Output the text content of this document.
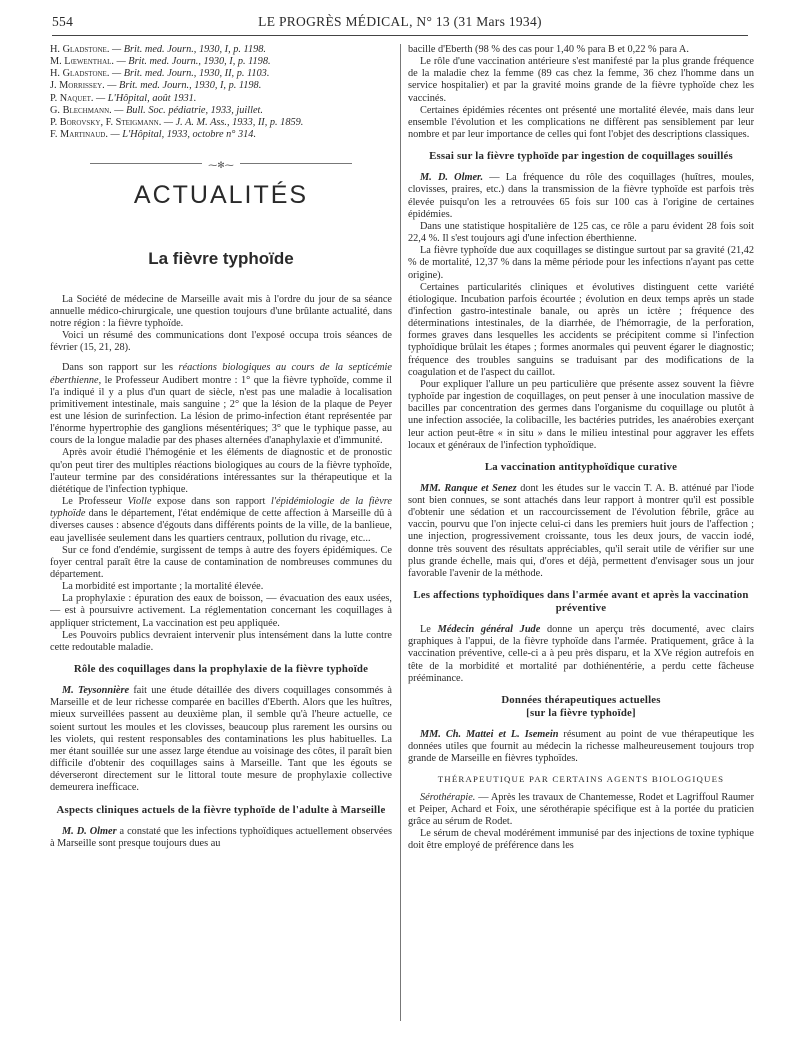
554	LE PROGRÈS MÉDICAL, N° 13 (31 Mars 1934)

H. Gladstone. — Brit. med. Journ., 1930, I, p. 1198.

M. Lœwenthal. — Brit. med. Journ., 1930, I, p. 1198.

H. Gladstone. — Brit. med. Journ., 1930, II, p. 1103.

J. Morrissey. — Brit. med. Journ., 1930, I, p. 1198.

P. Naquet. — L'Hôpital, août 1931.

G. Blechmann. — Bull. Soc. pédiatrie, 1933, juillet.

P. Borovsky, F. Steigmann. — J. A. M. Ass., 1933, II, p. 1859.

F. Martinaud. — L'Hôpital, 1933, octobre n° 314.

⁓✻⁓
ACTUALITÉS
La fièvre typhoïde

La Société de médecine de Marseille avait mis à l'ordre du jour de sa séance annuelle médico-chirurgicale, une question toujours d'une brûlante actualité, dans notre région : la fièvre typhoïde.

Voici un résumé des communications dont l'exposé occupa trois séances de février (15, 21, 28).

Dans son rapport sur les réactions biologiques au cours de la septicémie éberthienne, le Professeur Audibert montre : 1° que la fièvre typhoïde, comme il l'a indiqué il y a plus d'un quart de siècle, n'est pas une maladie à localisation primitivement intestinale, mais sanguine ; 2° que la lésion de la plaque de Peyer est une lésion de surinfection. La lésion de primo-infection étant représentée par l'énorme hypertrophie des ganglions mésentériques; 3° que le typhique passe, au cours de la longue maladie par des phases alternées d'anaphylaxie et d'immunité.

Après avoir étudié l'hémogénie et les éléments de diagnostic et de pronostic qu'on peut tirer des multiples réactions biologiques au cours de la fièvre typhoïde, l'auteur termine par des considérations intéressantes sur la thérapeutique et la diététique de l'infection typhique.

Le Professeur Violle expose dans son rapport l'épidémiologie de la fièvre typhoïde dans le département, l'état endémique de cette affection à Marseille dû à diverses causes : absence d'égouts dans différents points de la ville, de la banlieue, eau javellisée seulement dans les quartiers centraux, pollution du rivage, etc...

Sur ce fond d'endémie, surgissent de temps à autre des foyers épidémiques. Ce foyer central paraît être la cause de contamination de nombreuses communes du département.

La morbidité est importante ; la mortalité élevée.

La prophylaxie : épuration des eaux de boisson, — évacuation des eaux usées, — est à poursuivre activement. La réglementation concernant les coquillages à appliquer strictement, La vaccination est peu appliquée.

Les Pouvoirs publics devraient intervenir plus intensément dans la lutte contre cette redoutable maladie.

Rôle des coquillages dans la prophylaxie de la fièvre typhoïde

M. Teysonnière fait une étude détaillée des divers coquillages consommés à Marseille et de leur richesse comparée en bacilles d'Eberth. Alors que les huîtres, mieux surveillées passent au deuxième plan, il semble qu'à l'heure actuelle, ce soient surtout les moules et les clovisses, beaucoup plus rarement les oursins ou les violets, qui restent responsables des contaminations les plus habituelles. La mer étant souillée sur une assez large étendue au voisinage des côtes, il paraît bien difficile d'obtenir des coquillages sains à Marseille. Tant que les égouts se déverseront directement sur le littoral toute mesure de prophylaxie collective demeurera inefficace.

Aspects cliniques actuels de la fièvre typhoïde de l'adulte à Marseille

M. D. Olmer a constaté que les infections typhoïdiques actuellement observées à Marseille sont presque toujours dues au

bacille d'Eberth (98 % des cas pour 1,40 % para B et 0,22 % para A.

Le rôle d'une vaccination antérieure s'est manifesté par la plus grande fréquence de la maladie chez la femme (89 cas chez la femme, 36 chez l'homme dans un service hospitalier) et par la gravité moins grande de la fièvre typhoïde chez les vaccinés.

Certaines épidémies récentes ont présenté une mortalité élevée, mais dans leur ensemble l'évolution et les complications ne diffèrent pas sensiblement par leur nombre et par leur importance de celles qui font l'objet des descriptions classiques.

Essai sur la fièvre typhoïde par ingestion de coquillages souillés

M. D. Olmer. — La fréquence du rôle des coquillages (huîtres, moules, clovisses, praires, etc.) dans la transmission de la fièvre typhoïde est parfois très élevée puisqu'on les a retrouvées 65 fois sur 100 cas à l'origine de certaines épidémies.

Dans une statistique hospitalière de 125 cas, ce rôle a paru évident 28 fois soit 22,4 %. Il s'est toujours agi d'une infection éberthienne.

La fièvre typhoïde due aux coquillages se distingue surtout par sa gravité (21,42 % de mortalité, 12,37 % dans la même période pour les infections n'ayant pas cette origine).

Certaines particularités cliniques et évolutives distinguent cette variété étiologique. Incubation parfois écourtée ; évolution en deux temps après un stade d'infection gastro-intestinale banale, ou après un ictère ; fréquence des déterminations intestinales, de la diarrhée, de l'hémorragie, de la perforation, formes graves dans lesquelles les accidents se précipitent comme si l'infection typhoïdique brûlait les étapes ; formes anormales qui peuvent égarer le diagnostic; fréquence des troubles sanguins se traduisant par des modifications de la coagulation et de l'aspect du caillot.

Pour expliquer l'allure un peu particulière que présente assez souvent la fièvre typhoïde par ingestion de coquillages, on peut penser à une inoculation massive de bacilles par concentration des germes dans l'organisme du coquillage ou plutôt à une infection associée, la colibacille, les bactéries putrides, les anaérobies exerçant leur action peut-être « in situ » dans le milieu intestinal pour aggraver les effets locaux et généraux de l'infection typhoïdique.

La vaccination antityphoïdique curative

MM. Ranque et Senez dont les études sur le vaccin T. A. B. atténué par l'iode sont bien connues, se sont attachés dans leur rapport à montrer qu'il est possible d'obtenir une sédation et un raccourcissement de l'évolution fébrile, grâce au vaccin, pourvu que l'on injecte celui-ci dans les premiers huit jours de l'affection ; une injection, progressivement croissante, tous les deux jours, de vaccin iodé, donne très souvent des résultats appréciables, qu'il serait utile de vérifier sur une plus grande échelle, mais qui, d'ores et déjà, permettent d'envisager sous un jour favorable l'avenir de la méthode.

Les affections typhoïdiques dans l'armée avant et après la vaccination préventive

Le Médecin général Jude donne un aperçu très documenté, avec clairs graphiques à l'appui, de la fièvre typhoïde dans l'armée. Pratiquement, grâce à la vaccination préventive, celle-ci a à peu près disparu, et la XVe région autrefois en tête de la morbidité et mortalité par dothiénentérie, a perdu cette fâcheuse prééminance.

Données thérapeutiques actuelles
[sur la fièvre typhoïde]

MM. Ch. Mattei et L. Isemein résument au point de vue thérapeutique les données utiles que fournit au médecin la richesse malheureusement toujours trop grande de Marseille en fièvres typhoïdes.

THÉRAPEUTIQUE PAR CERTAINS AGENTS BIOLOGIQUES

Sérothérapie. — Après les travaux de Chantemesse, Rodet et Lagriffoul Raumer et Peiper, Achard et Foix, une sérothérapie spécifique est à la portée du praticien grâce au sérum de Rodet.

Le sérum de cheval modérément immunisé par des injections de toxine typhique doit être employé de préférence dans les
